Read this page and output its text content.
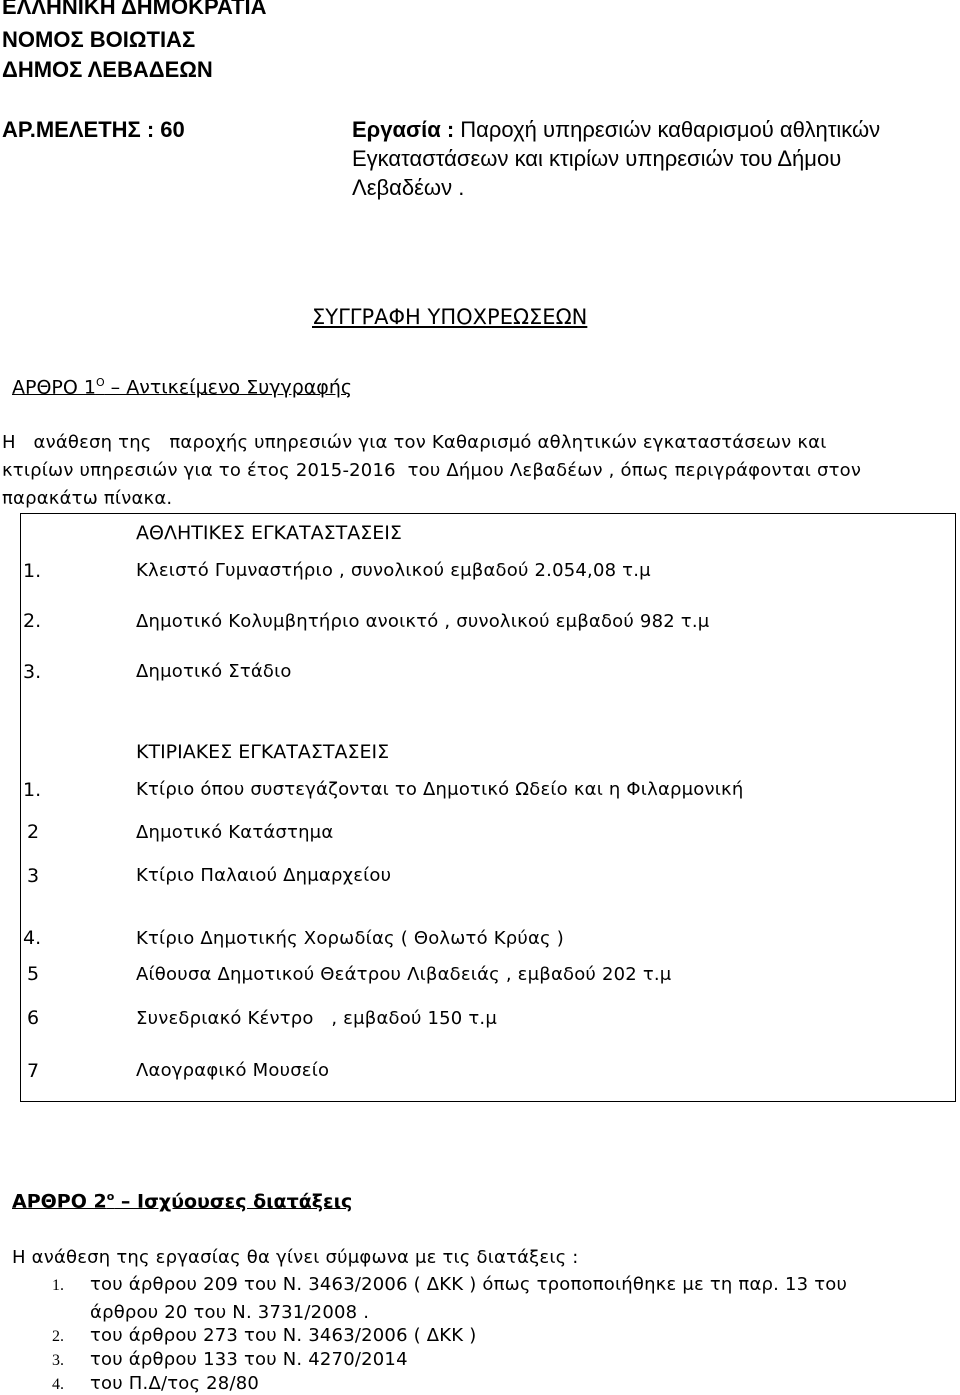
ΕΛΛΗΝΙΚΗ ΔΗΜΟΚΡΑΤΙΑ
ΝΟΜΟΣ ΒΟΙΩΤΙΑΣ
ΔΗΜΟΣ ΛΕΒΑΔΕΩΝ
ΑΡ.ΜΕΛΕΤΗΣ : 60	Εργασία : Παροχή υπηρεσιών καθαρισμού αθλητικών
Εγκαταστάσεων και κτιρίων υπηρεσιών του Δήμου
Λεβαδέων .
ΣΥΓΓΡΑΦΗ ΥΠΟΧΡΕΩΣΕΩΝ
ΑΡΘΡΟ $1^O$ – Αντικείμενο Συγγραφής
Η   ανάθεση της   παροχής υπηρεσιών για τον Καθαρισμό αθλητικών εγκαταστάσεων και
κτιρίων υπηρεσιών για το έτος 2015-2016  του Δήμου Λεβαδέων , όπως περιγράφονται στον
παρακάτω πίνακα.
	ΑΘΛΗΤΙΚΕΣ ΕΓΚΑΤΑΣΤΑΣΕΙΣ
1.	Κλειστό Γυμναστήριο , συνολικού εμβαδού 2.054,08 τ.μ
2.	Δημοτικό Κολυμβητήριο ανοικτό , συνολικού εμβαδού 982 τ.μ
3.	Δημοτικό Στάδιο
	ΚΤΙΡΙΑΚΕΣ ΕΓΚΑΤΑΣΤΑΣΕΙΣ
1.	Κτίριο όπου συστεγάζονται το Δημοτικό Ωδείο και η Φιλαρμονική
2	Δημοτικό Κατάστημα
3	Κτίριο Παλαιού Δημαρχείου
4.	Κτίριο Δημοτικής Χορωδίας ( Θολωτό Κρύας )
5	Αίθουσα Δημοτικού Θεάτρου Λιβαδειάς , εμβαδού 202 τ.μ
6	Συνεδριακό Κέντρο   , εμβαδού 150 τ.μ
7	Λαογραφικό Μουσείο
ΑΡΘΡΟ $2^o$ – Ισχύουσες διατάξεις
Η ανάθεση της εργασίας θα γίνει σύμφωνα με τις διατάξεις :
1. του άρθρου 209 του Ν. 3463/2006 ( ΔΚΚ ) όπως τροποποιήθηκε με τη παρ. 13 του
άρθρου 20 του Ν. 3731/2008 .
2. του άρθρου 273 του Ν. 3463/2006 ( ΔΚΚ )
3. του άρθρου 133 του Ν. 4270/2014
4. του Π.Δ/τος 28/80
